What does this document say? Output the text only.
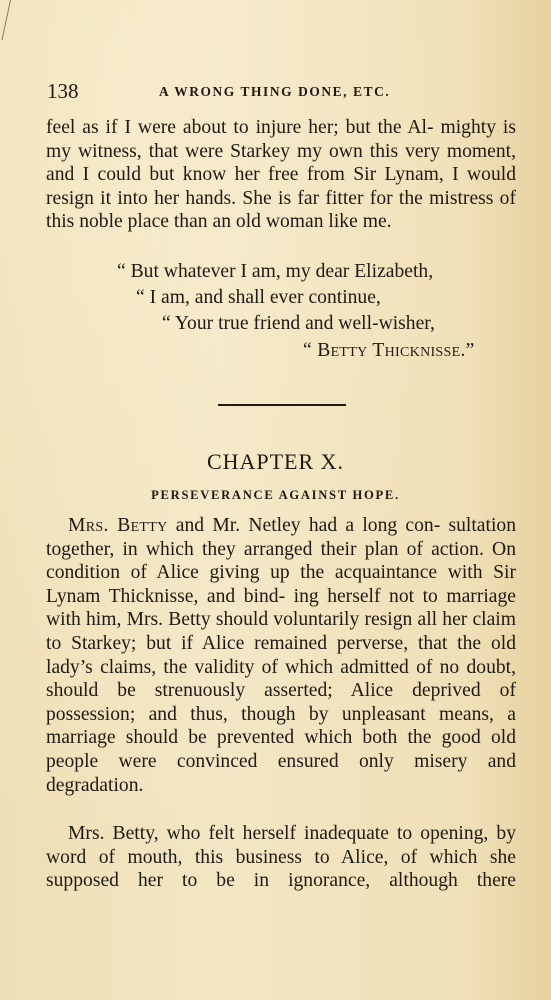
138	A WRONG THING DONE, ETC.

feel as if I were about to injure her; but the Al- mighty is my witness, that were Starkey my own this very moment, and I could but know her free from Sir Lynam, I would resign it into her hands. She is far fitter for the mistress of this noble place than an old woman like me.

“ But whatever I am, my dear Elizabeth,
“ I am, and shall ever continue,
“ Your true friend and well-wisher,
“ Betty Thicknisse.”
CHAPTER X.
PERSEVERANCE AGAINST HOPE.

Mrs. Betty and Mr. Netley had a long con- sultation together, in which they arranged their plan of action. On condition of Alice giving up the acquaintance with Sir Lynam Thicknisse, and bind- ing herself not to marriage with him, Mrs. Betty should voluntarily resign all her claim to Starkey; but if Alice remained perverse, that the old lady’s claims, the validity of which admitted of no doubt, should be strenuously asserted; Alice deprived of possession; and thus, though by unpleasant means, a marriage should be prevented which both the good old people were convinced ensured only misery and degradation.

Mrs. Betty, who felt herself inadequate to opening, by word of mouth, this business to Alice, of which she supposed her to be in ignorance, although there
